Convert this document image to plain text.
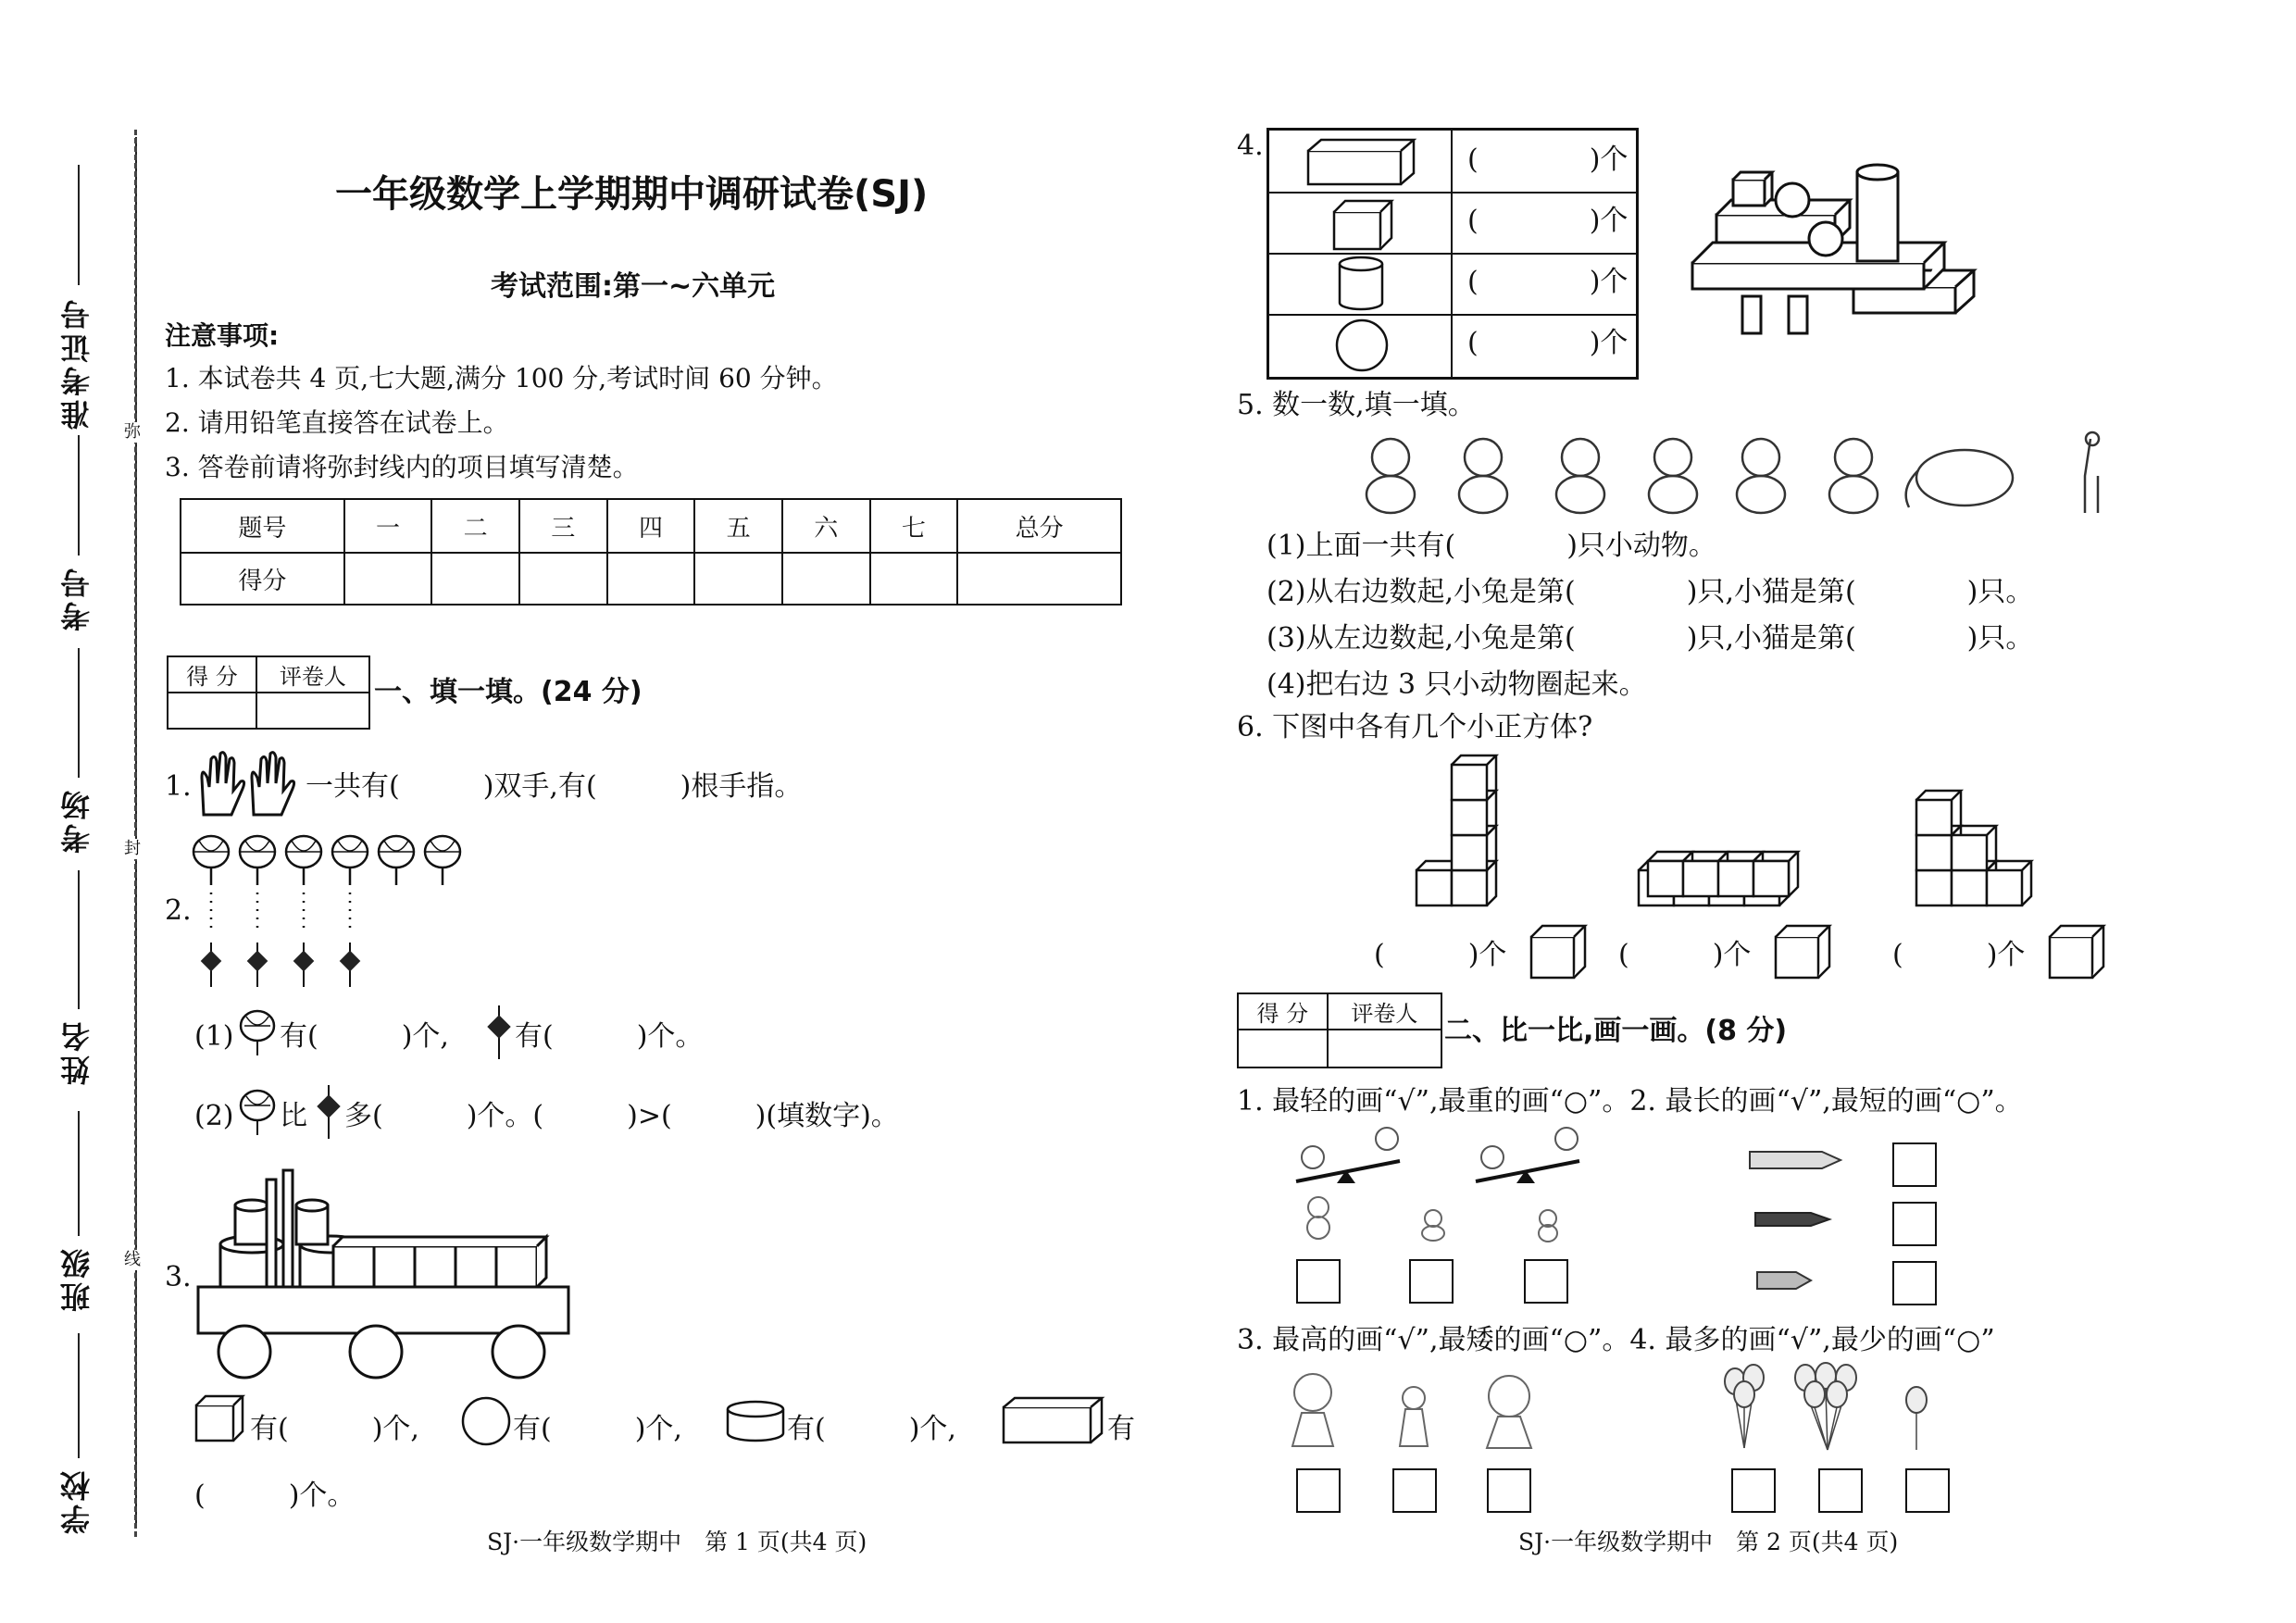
准考证号
考号
考场
姓名
班级
学校
弥
封
线
一年级数学上学期期中调研试卷(SJ)
考试范围:第一~六单元
注意事项:
1. 本试卷共 4 页,七大题,满分 100 分,考试时间 60 分钟。
2. 请用铅笔直接答在试卷上。
3. 答卷前请将弥封线内的项目填写清楚。
题号	一	二	三	四	五	六	七	总分
得分								
得 分	评卷人
	一、填一填。(24 分)
1.	一共有(　　　)双手,有(　　　)根手指。
2.
(1) 有(　　　)个, 有(　　　)个。
(2) 比 多(　　　)个。(　　　)>(　　　)(填数字)。
3.
有(　　　)个,	有(　　　)个,	有(　　　)个,	有
(　　　)个。
SJ·一年级数学期中　第 1 页(共4 页)
4.	(　　　　)个
(　　　　)个
(　　　　)个
(　　　　)个
5. 数一数,填一填。
(1)上面一共有(　　　　)只小动物。
(2)从右边数起,小兔是第(　　　　)只,小猫是第(　　　　)只。
(3)从左边数起,小兔是第(　　　　)只,小猫是第(　　　　)只。
(4)把右边 3 只小动物圈起来。
6. 下图中各有几个小正方体?
(　　　)个	(　　　)个	(　　　)个
得 分	评卷人

二、比一比,画一画。(8 分)
1. 最轻的画“√”,最重的画“○”。2. 最长的画“√”,最短的画“○”。
3. 最高的画“√”,最矮的画“○”。4. 最多的画“√”,最少的画“○”
SJ·一年级数学期中　第 2 页(共4 页)
